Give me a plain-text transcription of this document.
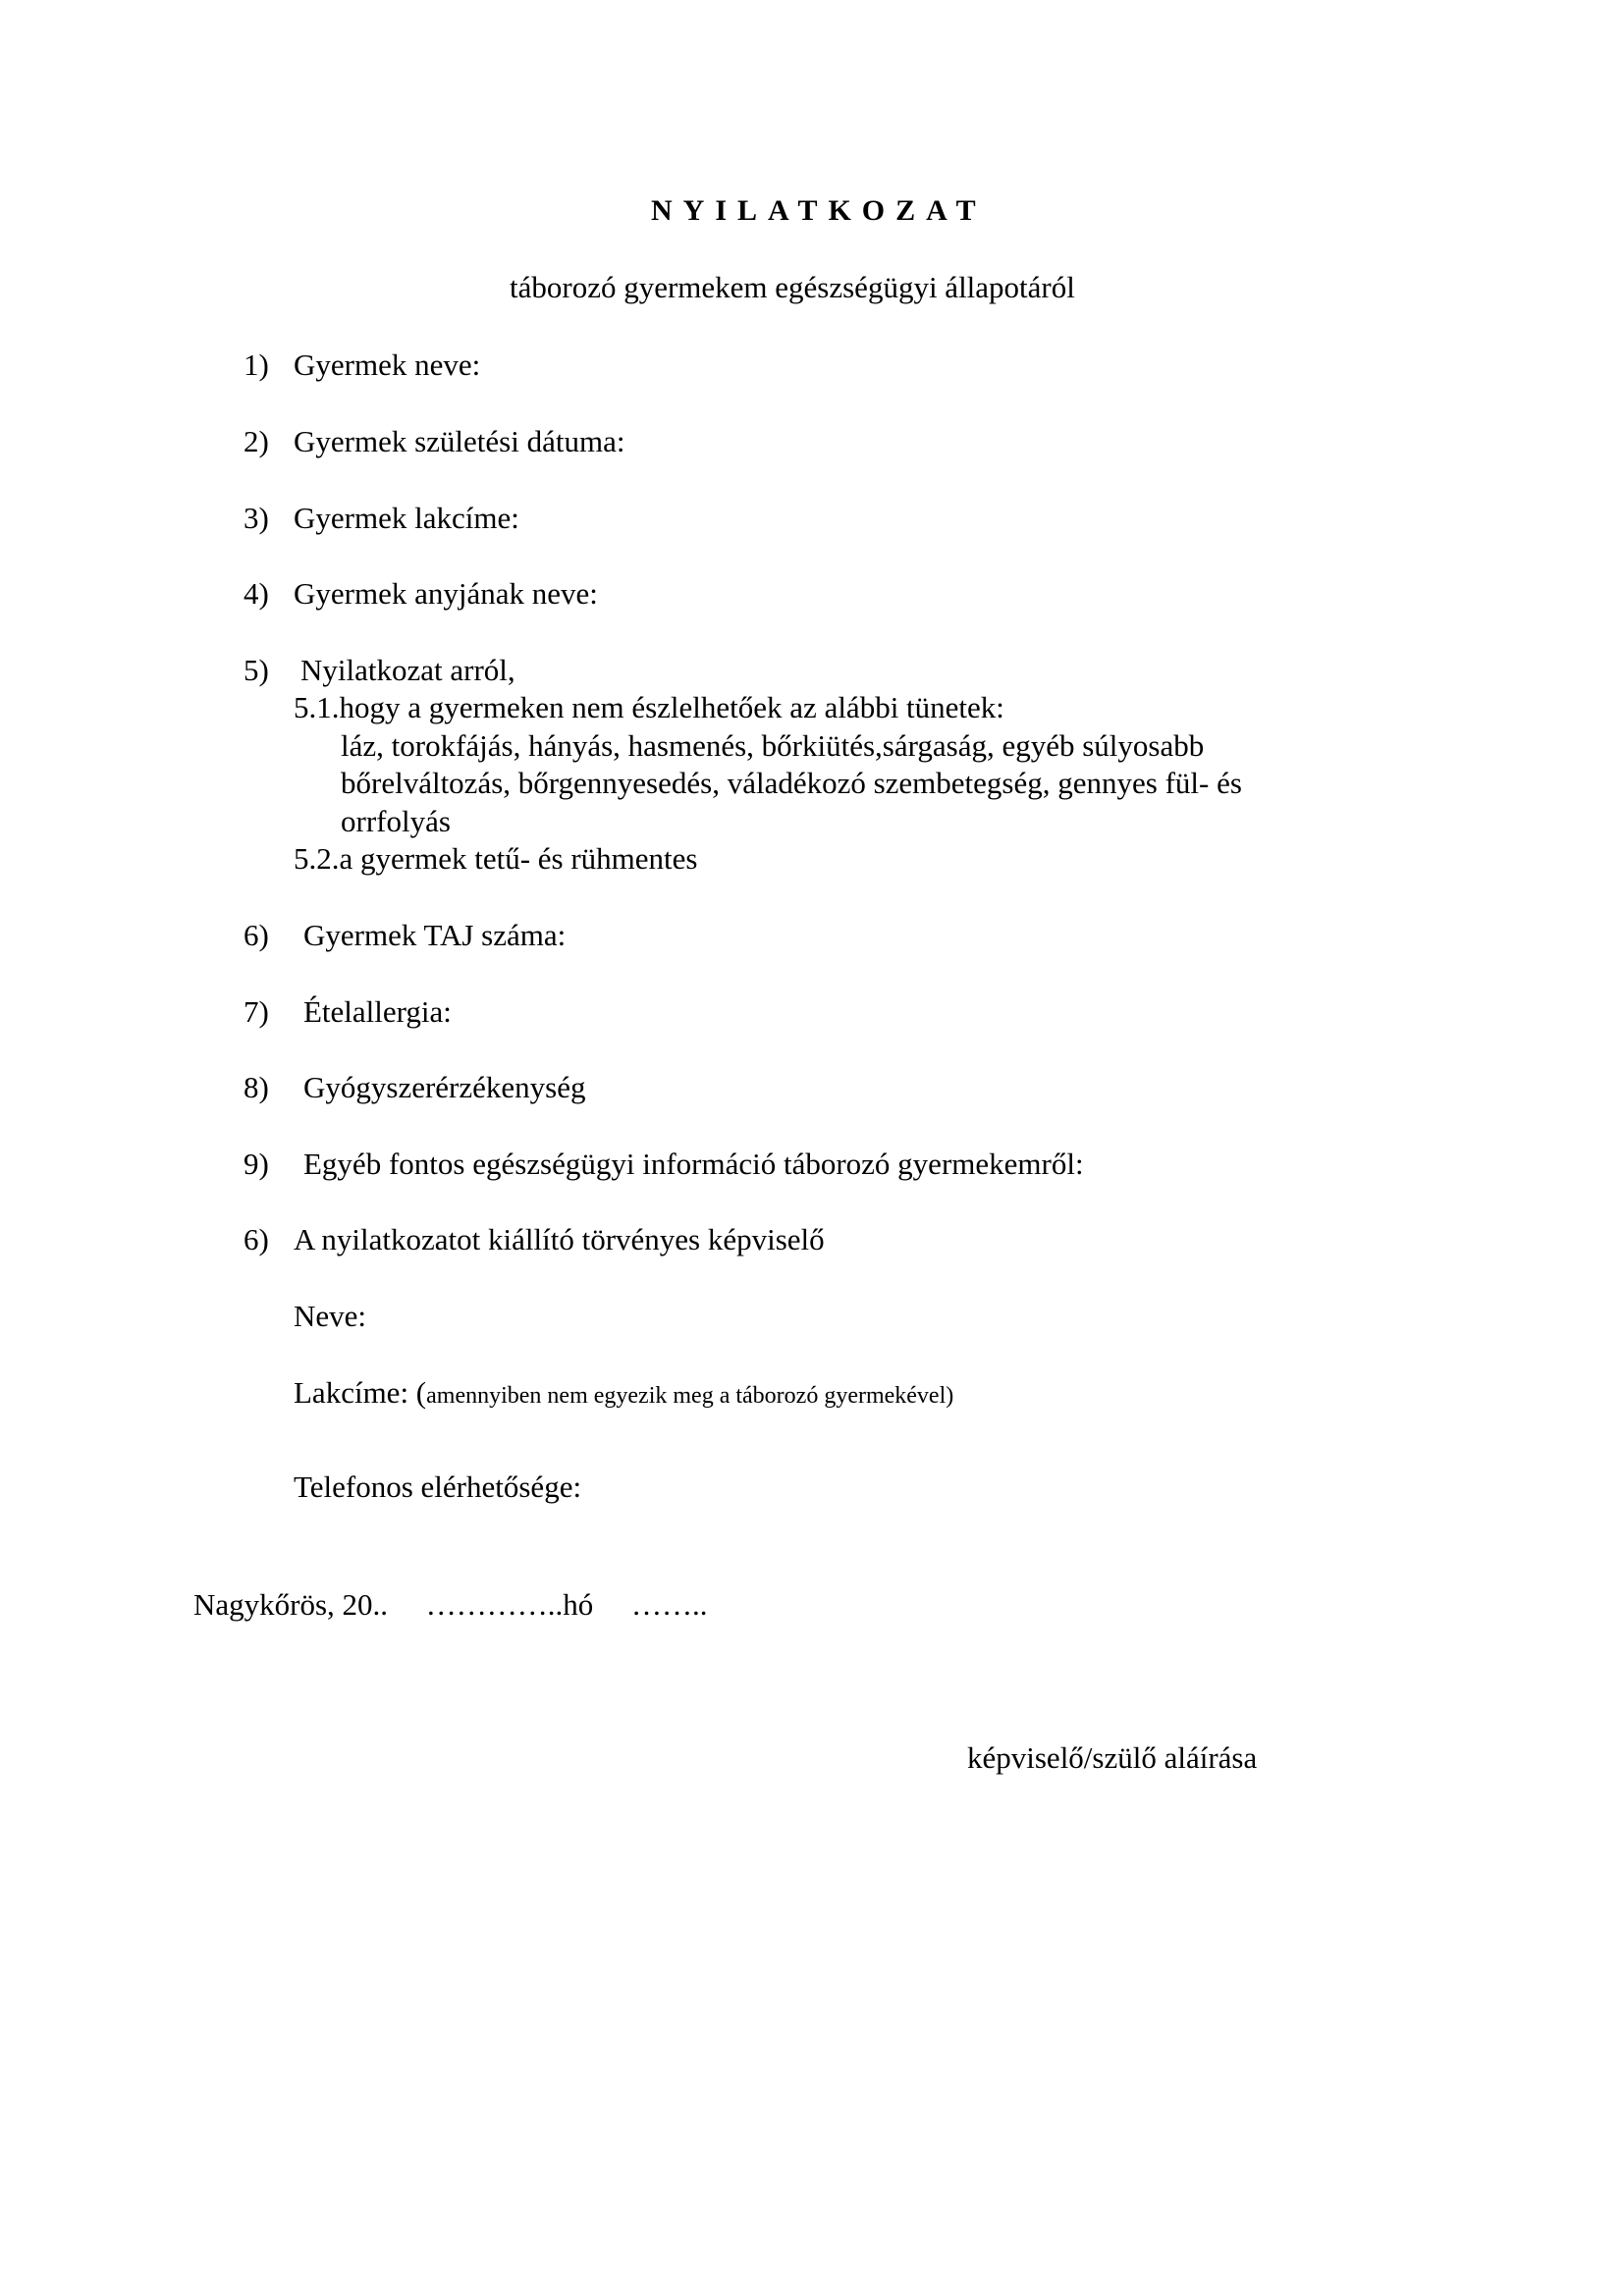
NYILATKOZAT
táborozó gyermekem egészségügyi állapotáról
1) Gyermek neve:
2) Gyermek születési dátuma:
3) Gyermek lakcíme:
4) Gyermek anyjának neve:
5) Nyilatkozat arról,
5.1.hogy a gyermeken nem észlelhetőek az alábbi tünetek:
láz, torokfájás, hányás, hasmenés, bőrkiütés,sárgaság, egyéb súlyosabb
bőrelváltozás, bőrgennyesedés, váladékozó szembetegség, gennyes fül- és
orrfolyás
5.2.a gyermek tetű- és rühmentes
6) Gyermek TAJ száma:
7) Ételallergia:
8) Gyógyszerérzékenység
9) Egyéb fontos egészségügyi információ táborozó gyermekemről:
6) A nyilatkozatot kiállító törvényes képviselő
Neve:
Lakcíme: (amennyiben nem egyezik meg a táborozó gyermekével)
Telefonos elérhetősége:
Nagykőrös, 20..     …………..hó     ……..
képviselő/szülő aláírása
